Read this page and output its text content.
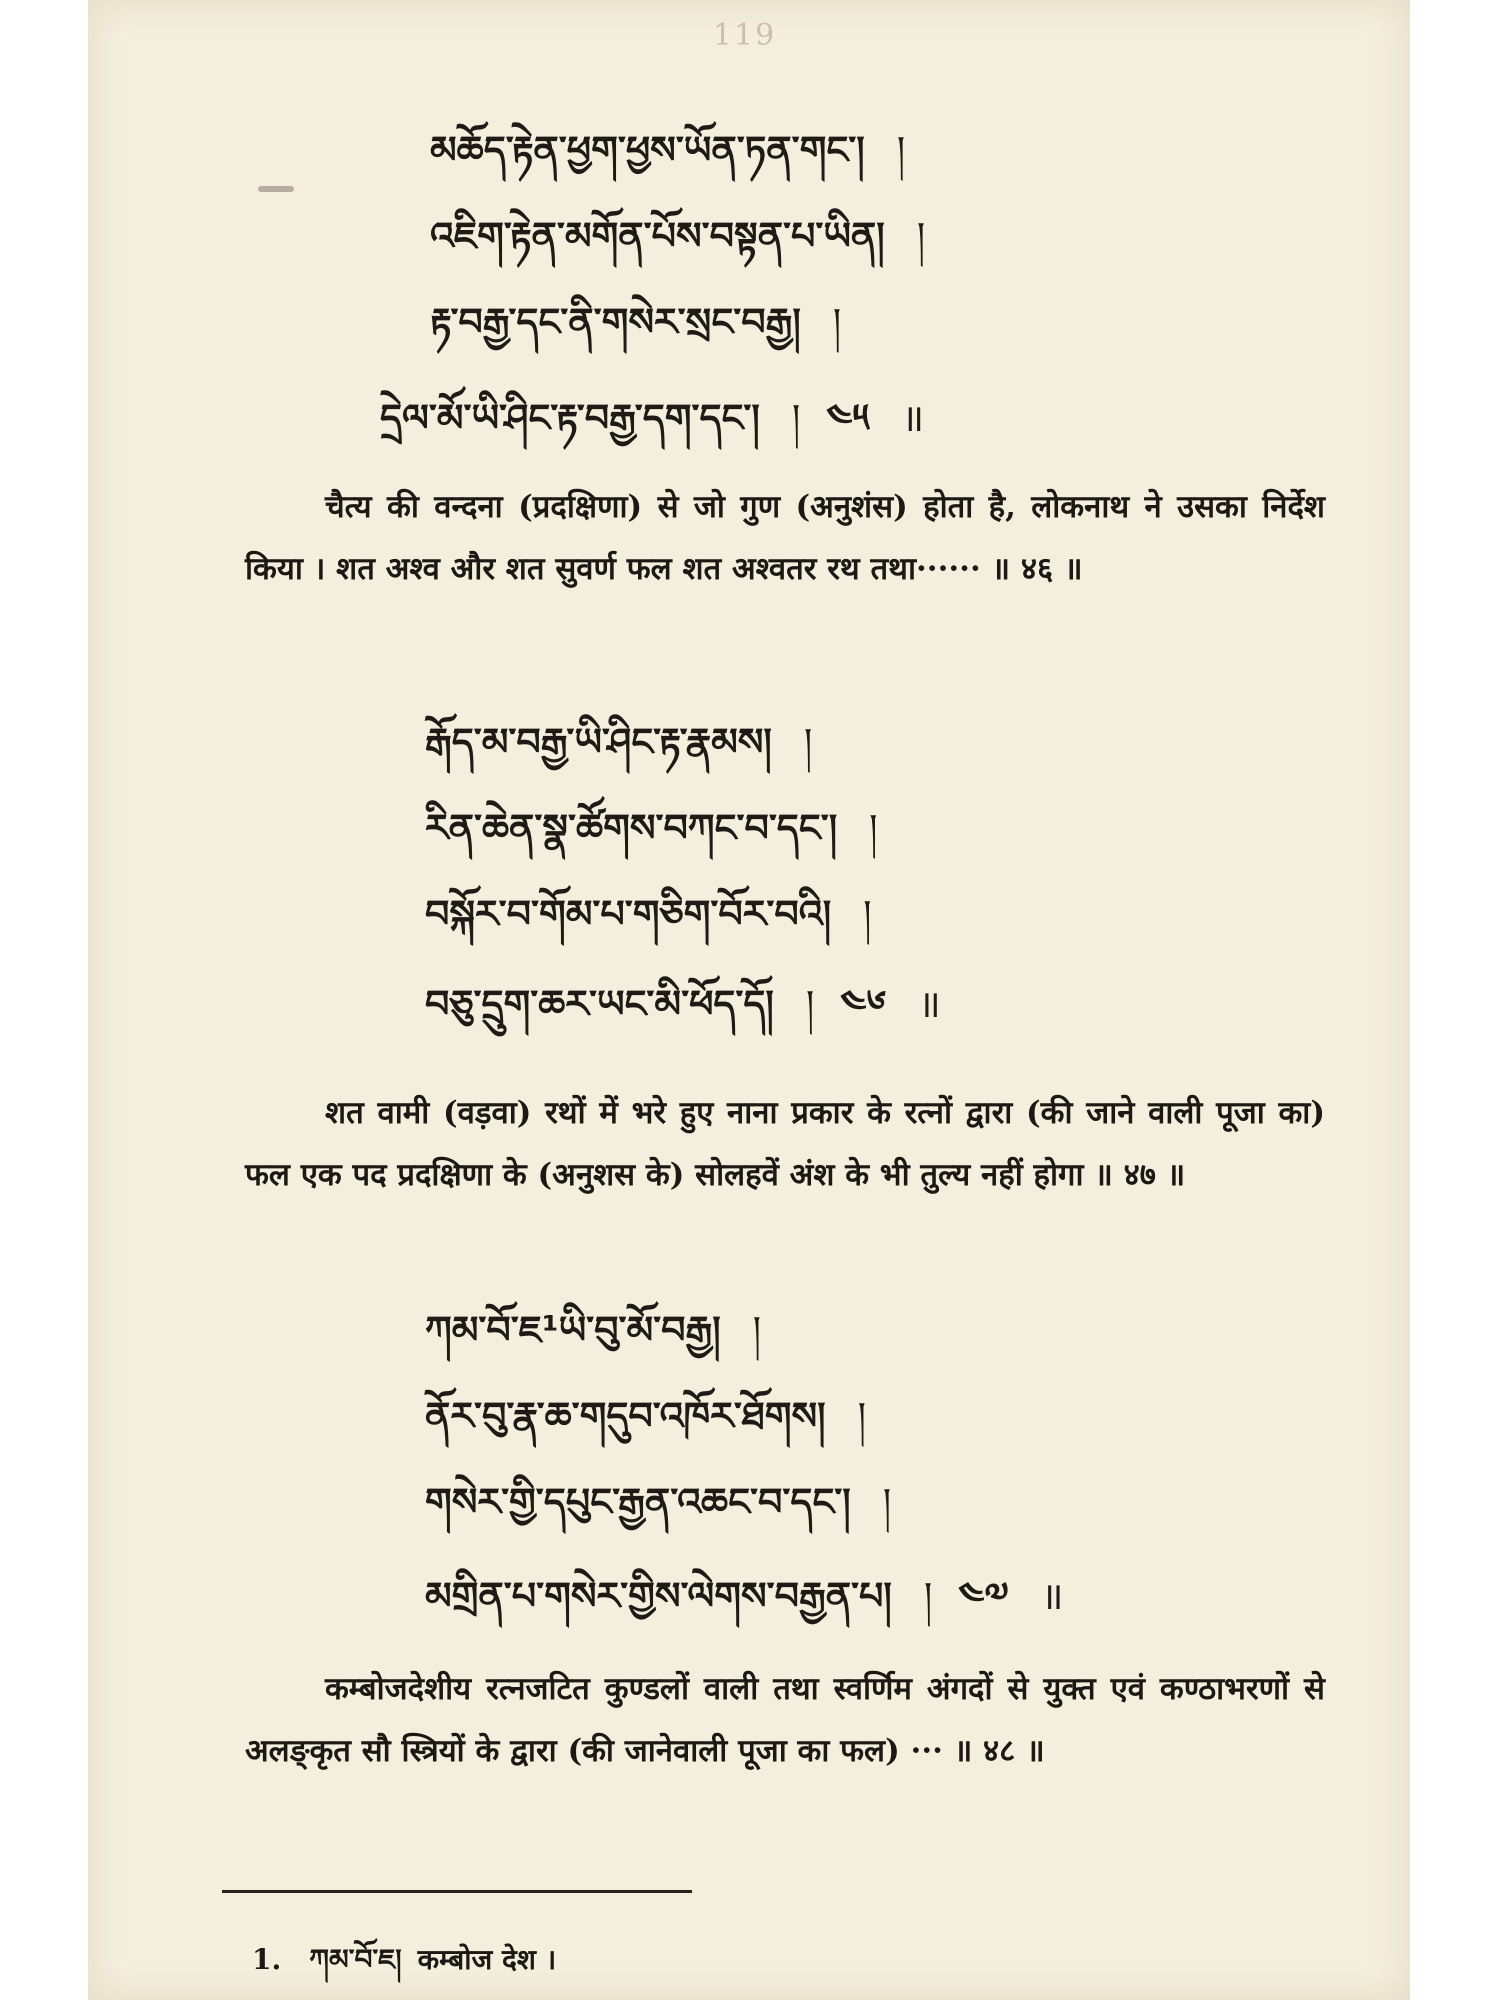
119
མཆོད་རྟེན་ཕྱག་ཕྱས་ཡོན་ཏན་གང་། །
འཇིག་རྟེན་མགོན་པོས་བསྟན་པ་ཡིན། །
རྟ་བརྒྱ་དང་ནི་གསེར་སྲང་བརྒྱ། །
དྲེལ་མོ་ཡི་ཤིང་རྟ་བརྒྱ་དག་དང་། ། ༤༥ ॥
चैत्य की वन्दना (प्रदक्षिणा) से जो गुण (अनुशंस) होता है, लोकनाथ ने उसका निर्देश किया । शत अश्व और शत सुवर्ण फल शत अश्वतर रथ तथा······ ॥ ४६ ॥
རྒོད་མ་བརྒྱ་ཡི་ཤིང་རྟ་རྣམས། །
རིན་ཆེན་སྣ་ཚོགས་བཀང་བ་དང་། །
བསྐོར་བ་གོམ་པ་གཅིག་བོར་བའི། །
བཅུ་དྲུག་ཆར་ཡང་མི་ཕོད་དོ། ། ༤༦ ॥
शत वामी (वड़वा) रथों में भरे हुए नाना प्रकार के रत्नों द्वारा (की जाने वाली पूजा का) फल एक पद प्रदक्षिणा के (अनुशस के) सोलहवें अंश के भी तुल्य नहीं होगा ॥ ४७ ॥
ཀམ་བོ་ཇ¹ཡི་བུ་མོ་བརྒྱ། །
ནོར་བུ་རྣ་ཆ་གདུབ་འཁོར་ཐོགས། །
གསེར་གྱི་དཔུང་རྒྱན་འཆང་བ་དང་། །
མགྲིན་པ་གསེར་གྱིས་ལེགས་བརྒྱན་པ། ། ༤༧ ॥
कम्बोजदेशीय रत्नजटित कुण्डलों वाली तथा स्वर्णिम अंगदों से युक्त एवं कण्ठाभरणों से अलङ्कृत सौ स्त्रियों के द्वारा (की जानेवाली पूजा का फल) ··· ॥ ४८ ॥
1. ཀམ་བོ་ཇ། कम्बोज देश ।
